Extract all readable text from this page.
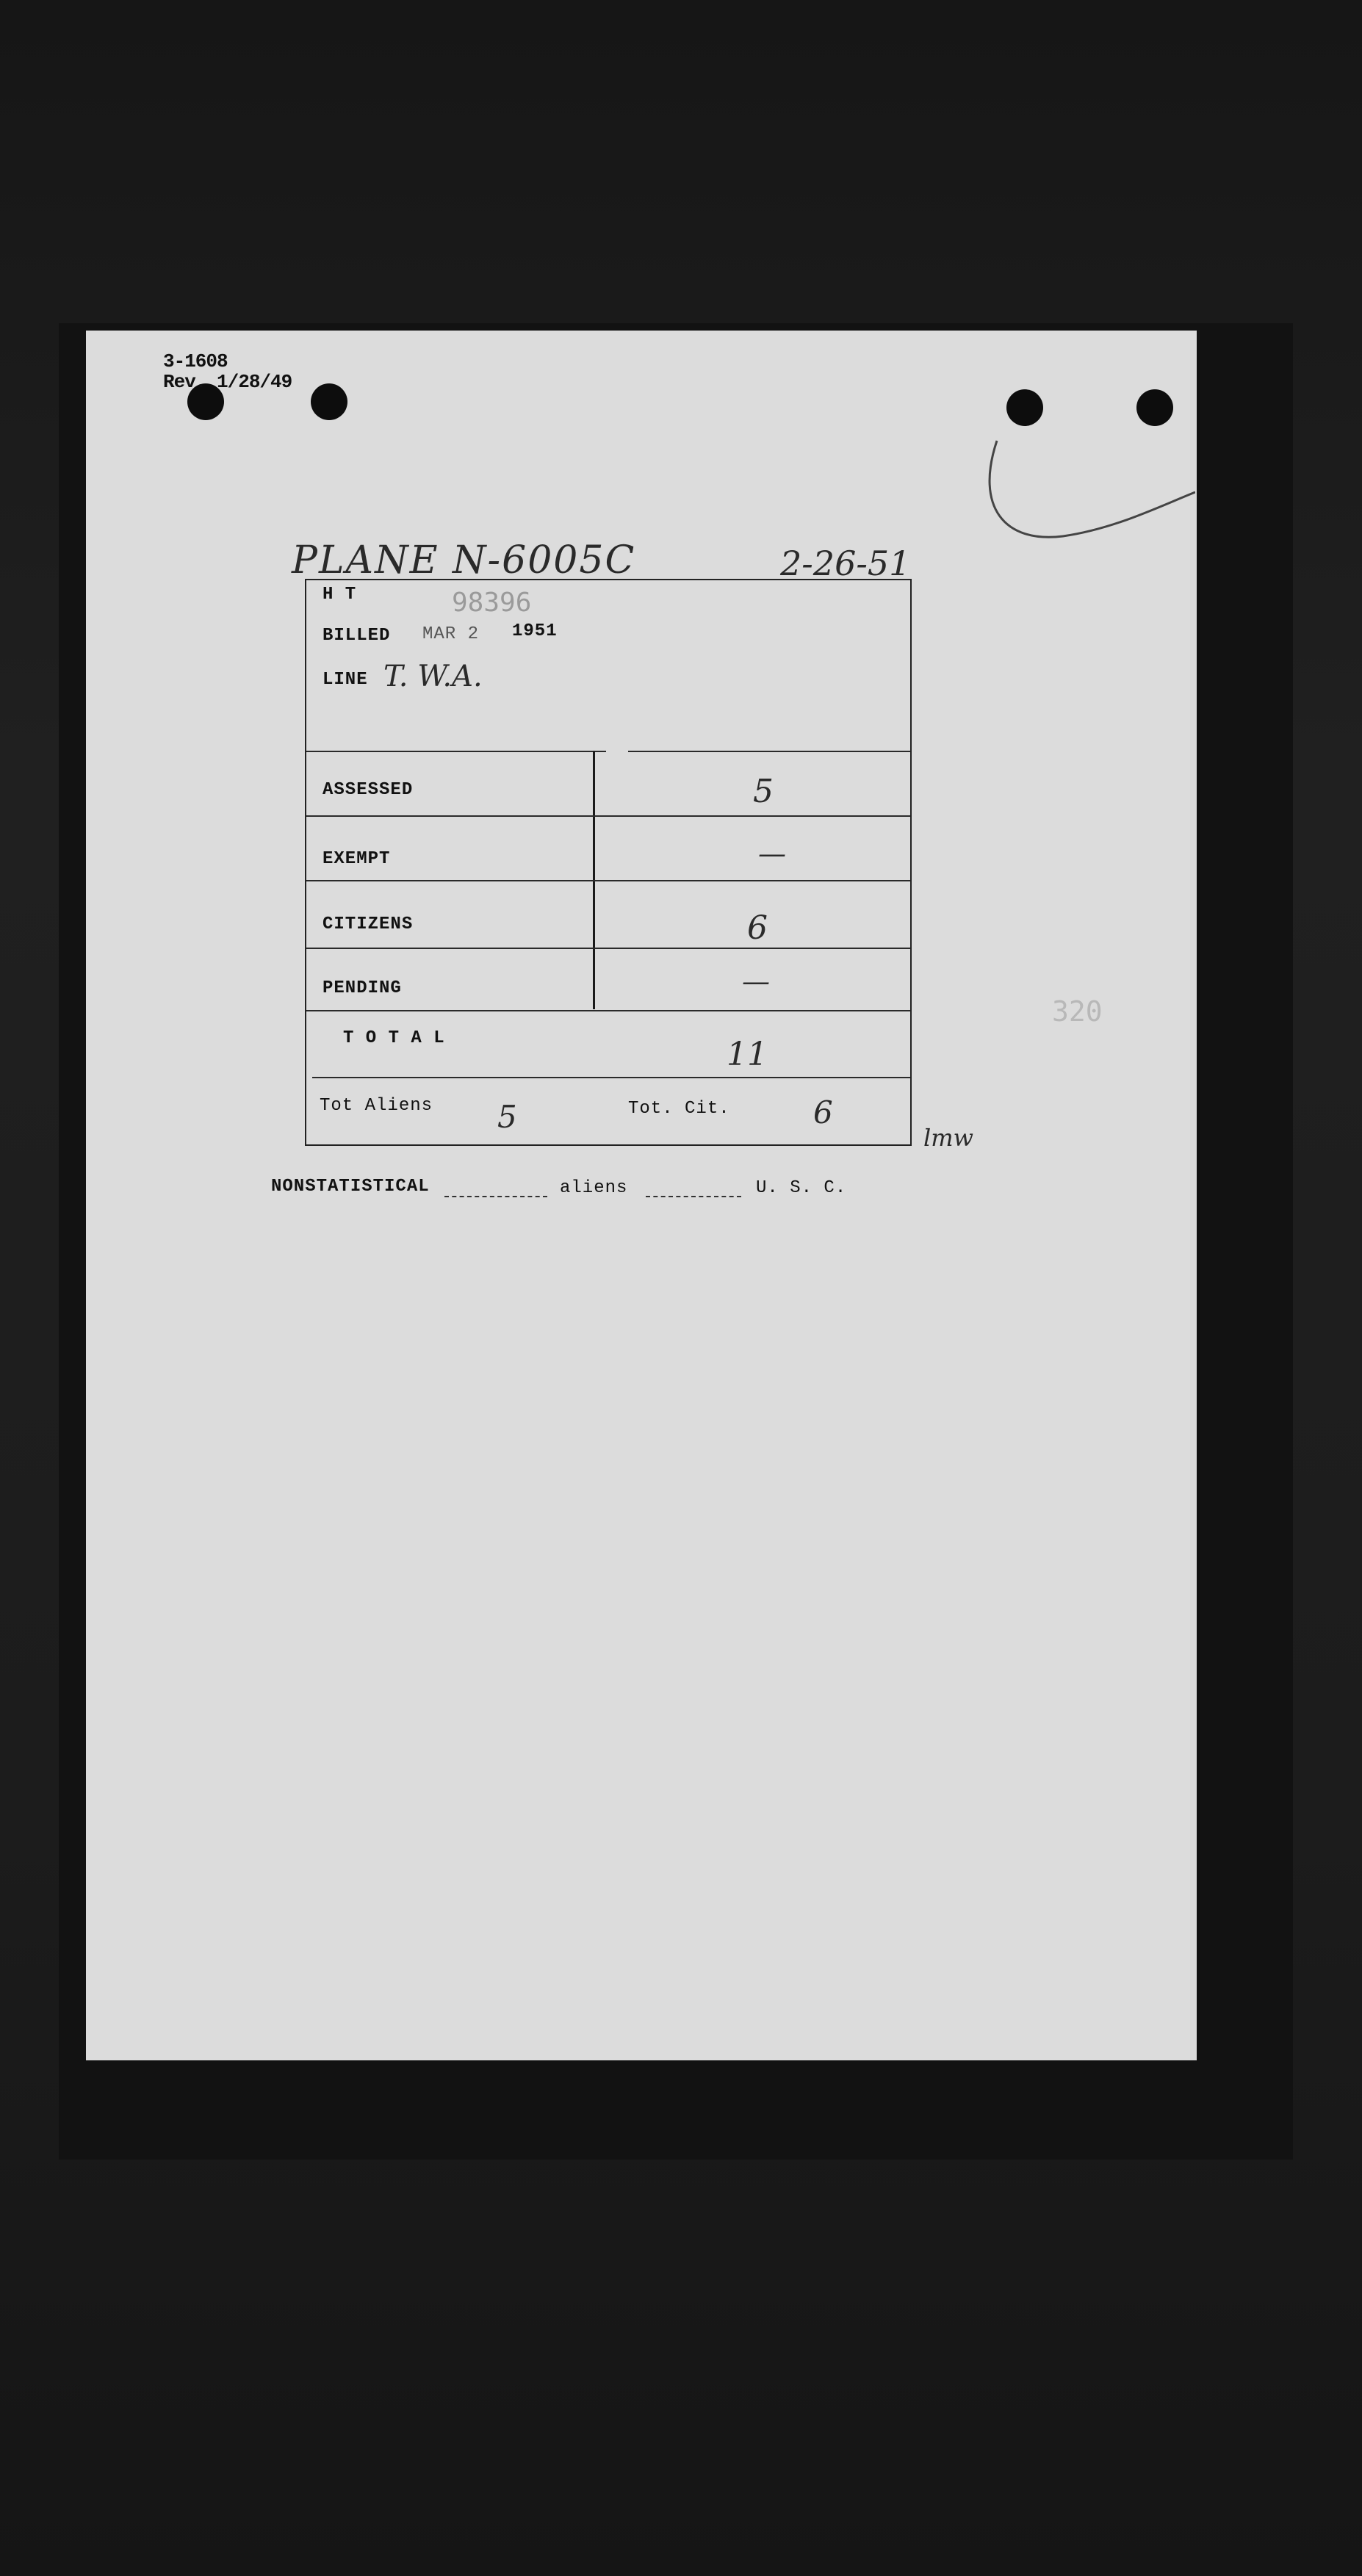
3-1608
Rev. 1/28/49
PLANE N-6005C	2-26-51
H T	98396
BILLED MAR 2 1951
LINE T. W.A.
ASSESSED	5
EXEMPT	—
CITIZENS	6
PENDING	—
T O T A L	11
Tot Aliens 5	Tot. Cit.	6
lmw
NONSTATISTICAL	aliens	U. S. C.
320
